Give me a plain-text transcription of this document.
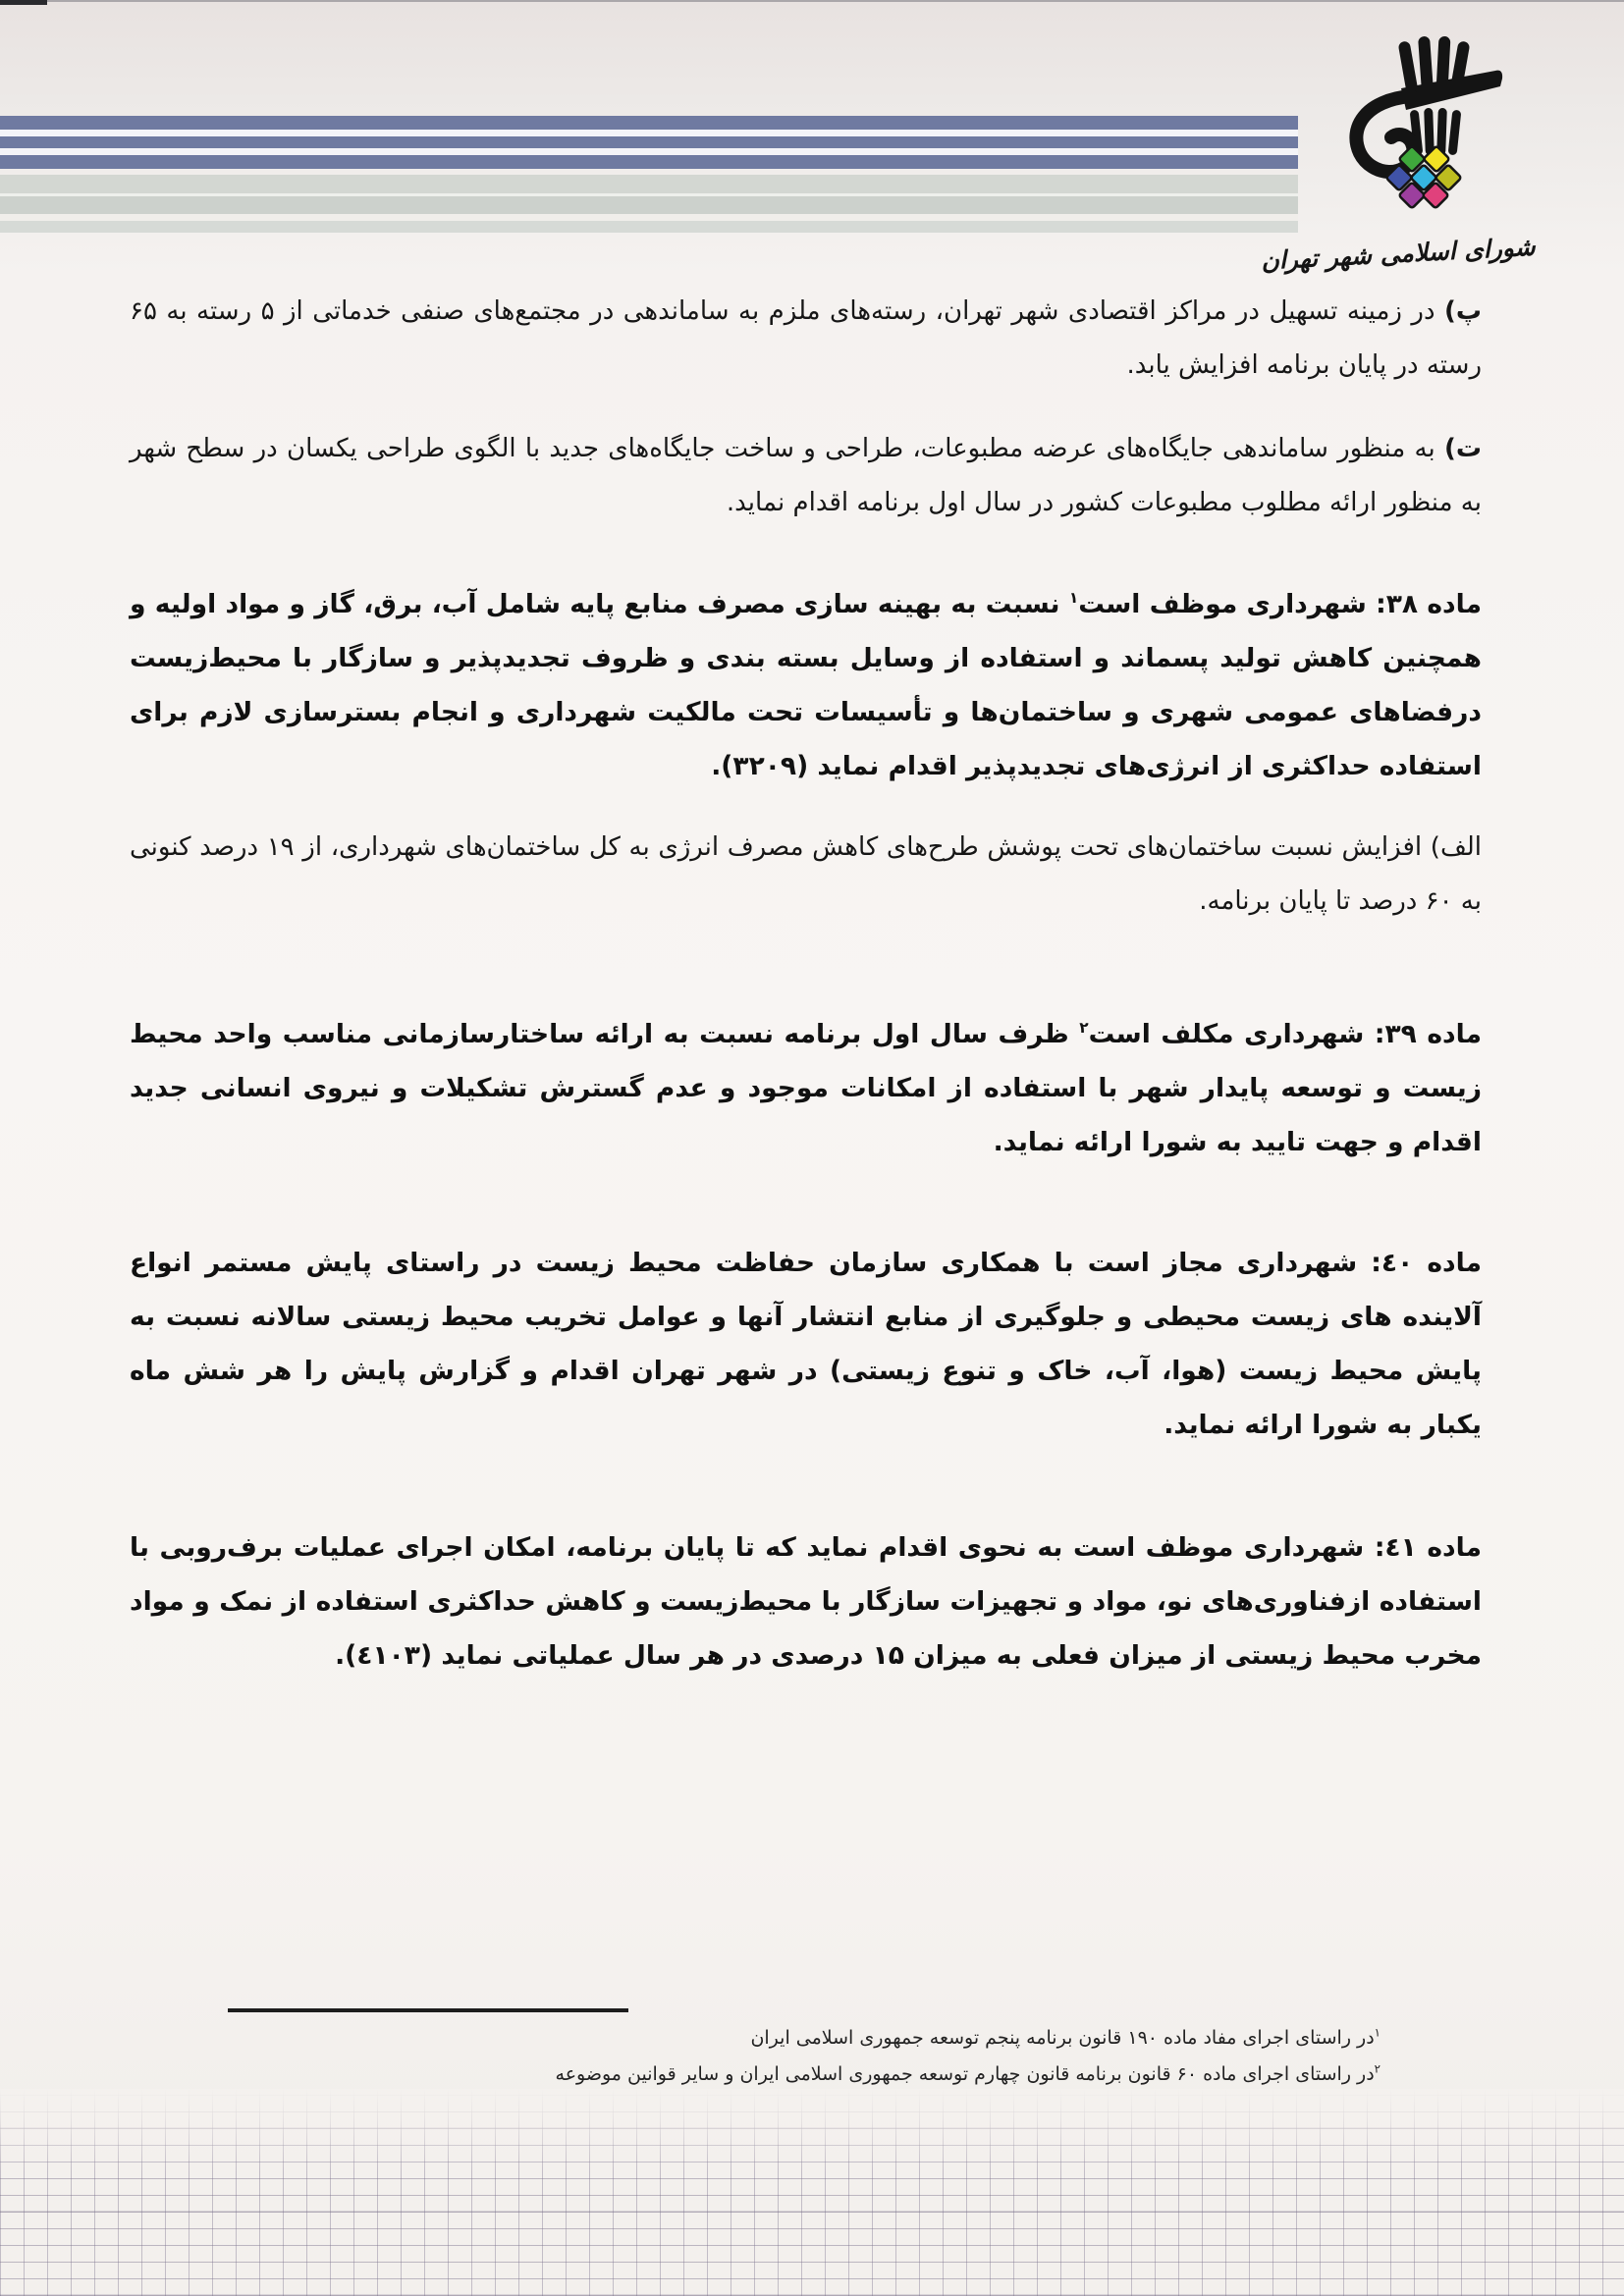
شورای اسلامی شهر تهران

پ) در زمینه تسهیل در مراکز اقتصادی شهر تهران، رسته‌های ملزم به ساماندهی در مجتمع‌های صنفی خدماتی از ۵ رسته به ۶۵ رسته در پایان برنامه افزایش یابد.

ت) به منظور ساماندهی جایگاه‌های عرضه مطبوعات، طراحی و ساخت جایگاه‌های جدید با الگوی طراحی یکسان در سطح شهر به منظور ارائه مطلوب مطبوعات کشور در سال اول برنامه اقدام نماید.

ماده ۳۸: شهرداری موظف است$^۱$ نسبت به بهینه سازی مصرف منابع پایه شامل آب، برق، گاز و مواد اولیه و همچنین کاهش تولید پسماند و استفاده از وسایل بسته بندی و ظروف تجدیدپذیر و سازگار با محیط‌زیست درفضاهای عمومی شهری و ساختمان‌ها و تأسیسات تحت مالکیت شهرداری و انجام بسترسازی لازم برای استفاده حداکثری از انرژی‌های تجدیدپذیر اقدام نماید (۳۲۰۹).

الف) افزایش نسبت ساختمان‌های تحت پوشش طرح‌های کاهش مصرف انرژی به کل ساختمان‌های شهرداری، از ۱۹ درصد کنونی به ۶۰ درصد تا پایان برنامه.

ماده ۳۹: شهرداری مکلف است$^۲$ ظرف سال اول برنامه نسبت به ارائه ساختارسازمانی مناسب واحد محیط زیست و توسعه پایدار شهر با استفاده از امکانات موجود و عدم گسترش تشکیلات و نیروی انسانی جدید اقدام و جهت تایید به شورا ارائه نماید.

ماده ٤٠: شهرداری مجاز است با همکاری سازمان حفاظت محیط زیست در راستای پایش مستمر انواع آلاینده های زیست محیطی و جلوگیری از منابع انتشار آنها و عوامل تخریب محیط زیستی سالانه نسبت به پایش محیط زیست (هوا، آب، خاک و تنوع زیستی) در شهر تهران اقدام و گزارش پایش را هر شش ماه یکبار به شورا ارائه نماید.

ماده ٤١: شهرداری موظف است به نحوی اقدام نماید که تا پایان برنامه، امکان اجرای عملیات برف‌روبی با استفاده ازفناوری‌های نو، مواد و تجهیزات سازگار با محیط‌زیست و کاهش حداکثری استفاده از نمک و مواد مخرب محیط زیستی از میزان فعلی به میزان ۱۵ درصدی در هر سال عملیاتی نماید (٤١٠٣).

$^۱$در راستای اجرای مفاد ماده ۱۹۰ قانون برنامه پنجم توسعه جمهوری اسلامی ایران
$^۲$در راستای اجرای ماده ۶۰ قانون برنامه قانون چهارم توسعه جمهوری اسلامی ایران و سایر قوانین موضوعه
